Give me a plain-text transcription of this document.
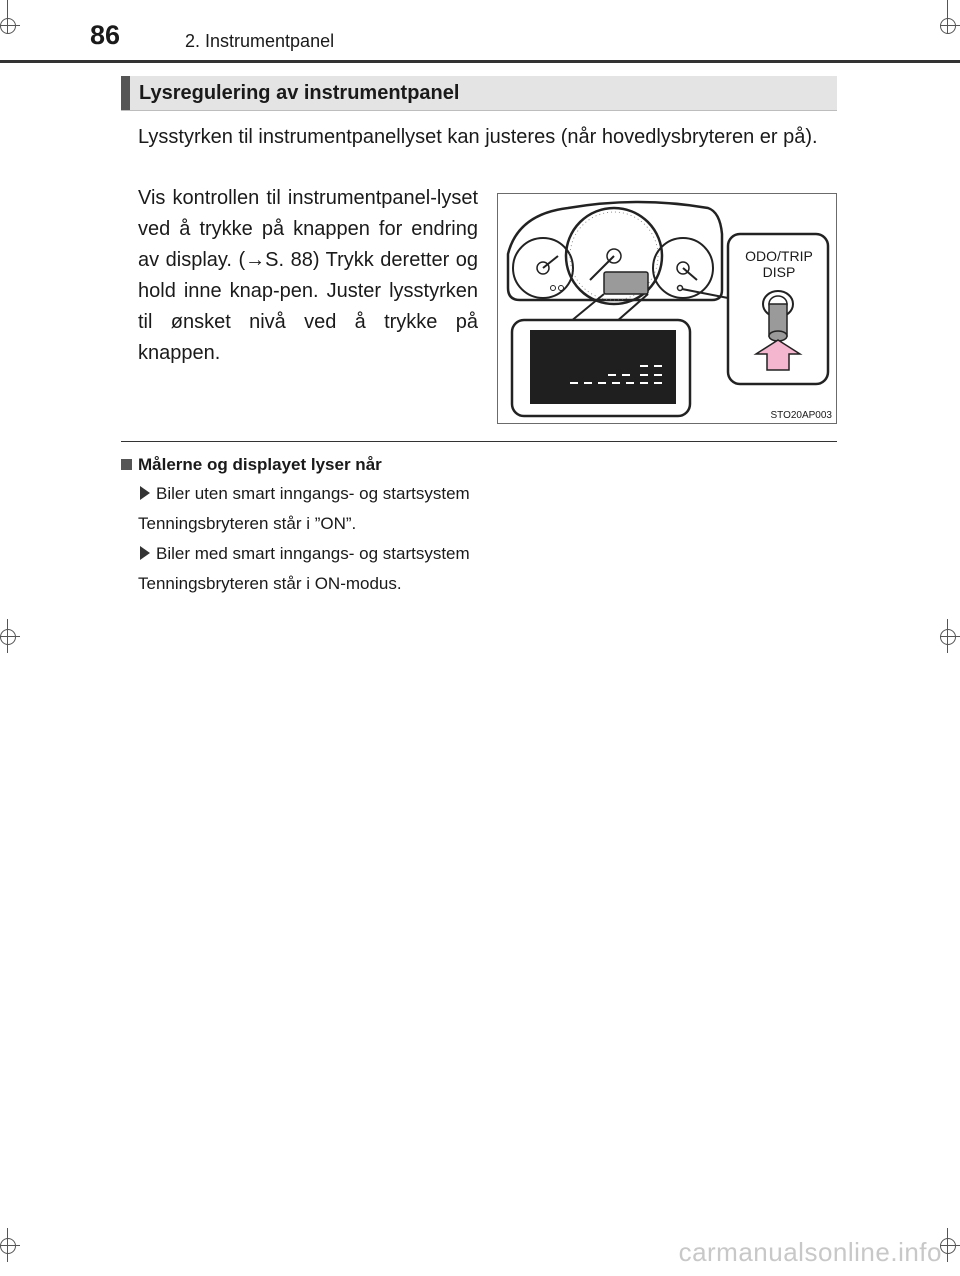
86	2. Instrumentpanel
Lysregulering av instrumentpanel
Lysstyrken til instrumentpanellyset kan justeres (når hovedlysbryteren er på).
Vis kontrollen til instrumentpanel-lyset ved å trykke på knappen for endring av display. (→S. 88) Trykk deretter og hold inne knap-pen. Juster lysstyrken til ønsket nivå ved å trykke på knappen.
ODO/TRIP
DISP
STO20AP003
Målerne og displayet lyser når
Biler uten smart inngangs- og startsystem
Tenningsbryteren står i ”ON”.
Biler med smart inngangs- og startsystem
Tenningsbryteren står i ON-modus.
carmanualsonline.info
